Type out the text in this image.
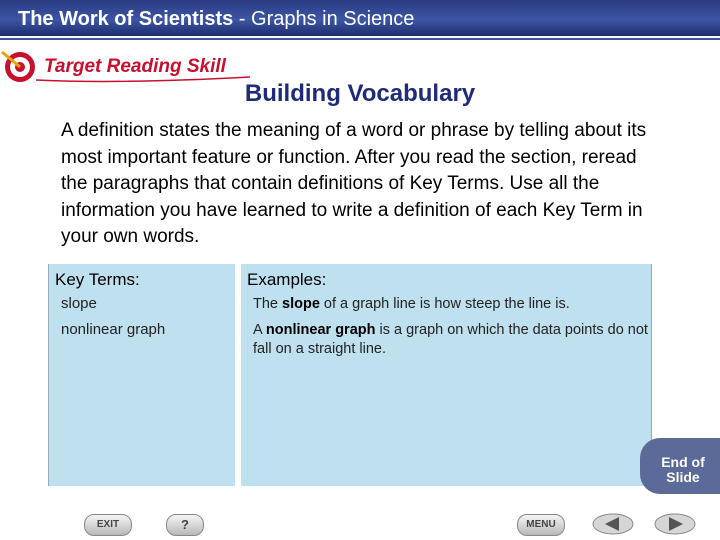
The Work of Scientists - Graphs in Science
Target Reading Skill
Building Vocabulary
A definition states the meaning of a word or phrase by telling about its most important feature or function. After you read the section, reread the paragraphs that contain definitions of Key Terms. Use all the information you have learned to write a definition of each Key Term in your own words.
Key Terms:	Examples:
slope	The slope of a graph line is how steep the line is.
nonlinear graph	A nonlinear graph is a graph on which the data points do not fall on a straight line.
End of
Slide
EXIT	?	MENU
